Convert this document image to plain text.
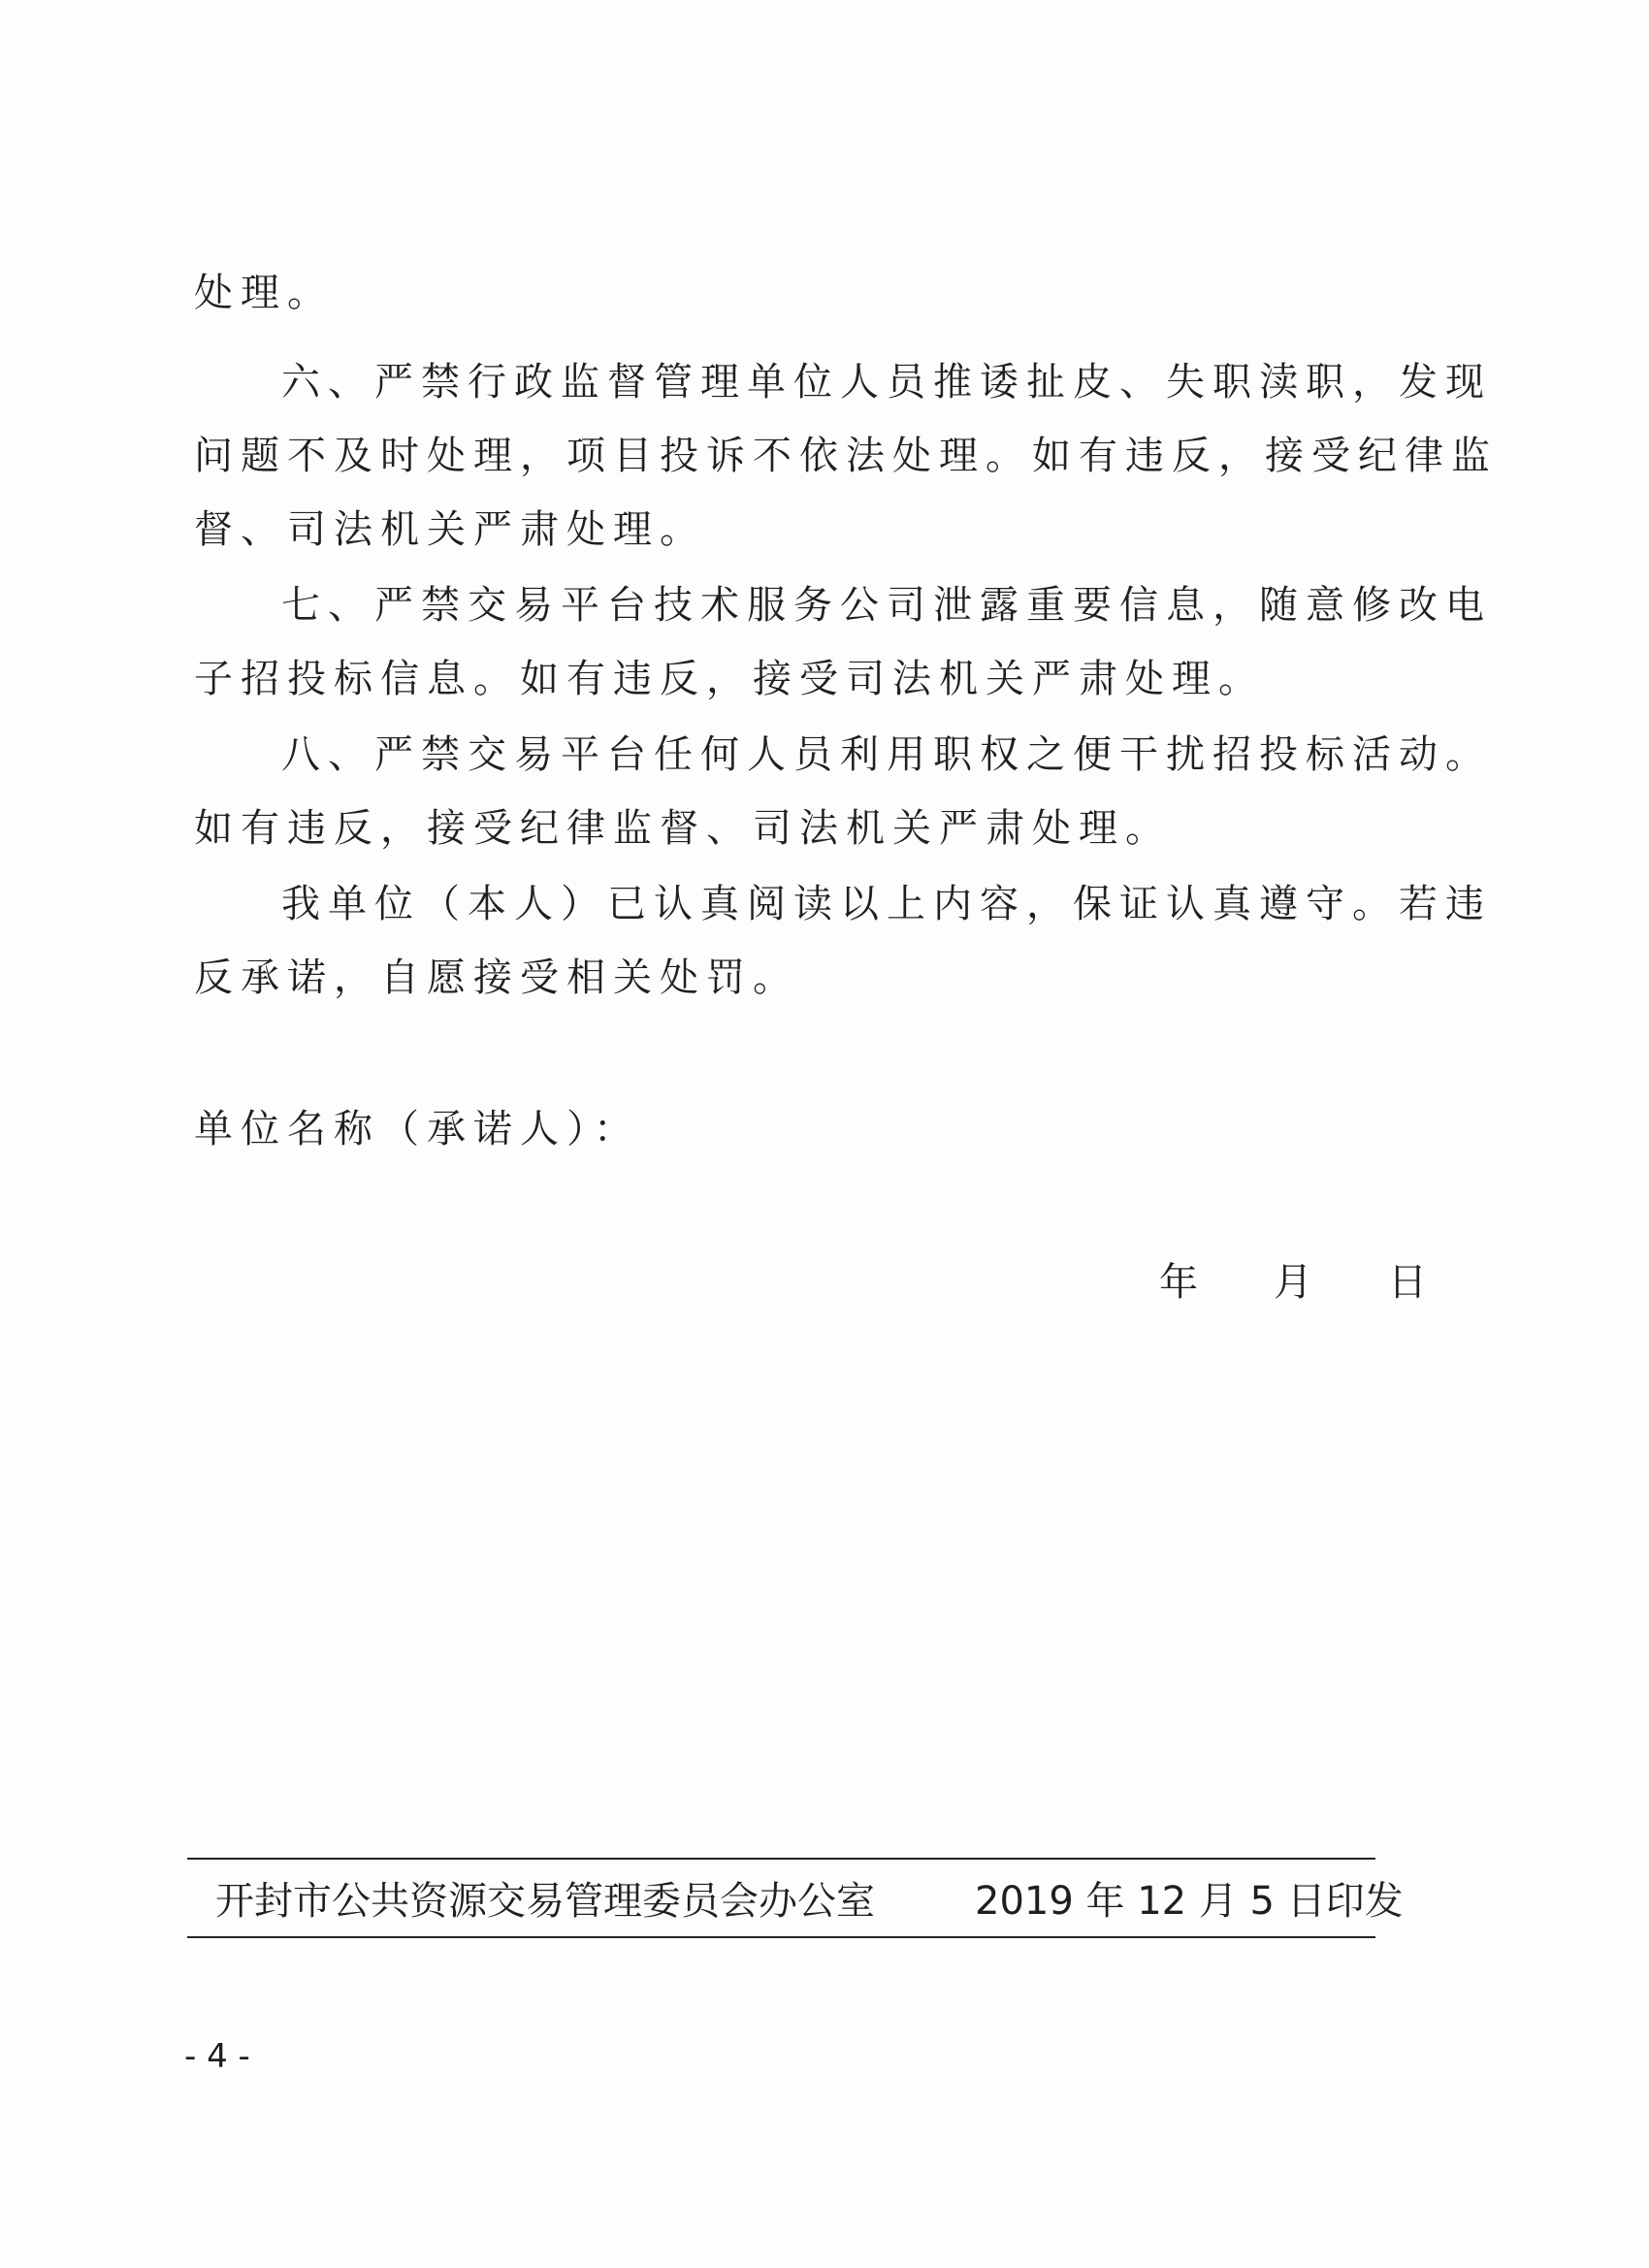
处理。
六、严禁行政监督管理单位人员推诿扯皮、失职渎职，发现
问题不及时处理，项目投诉不依法处理。如有违反，接受纪律监
督、司法机关严肃处理。
七、严禁交易平台技术服务公司泄露重要信息，随意修改电
子招投标信息。如有违反，接受司法机关严肃处理。
八、严禁交易平台任何人员利用职权之便干扰招投标活动。
如有违反，接受纪律监督、司法机关严肃处理。
我单位（本人）已认真阅读以上内容，保证认真遵守。若违
反承诺，自愿接受相关处罚。
单位名称（承诺人）：
年 月 日
开封市公共资源交易管理委员会办公室	2019 年 12 月 5 日印发
- 4 -
